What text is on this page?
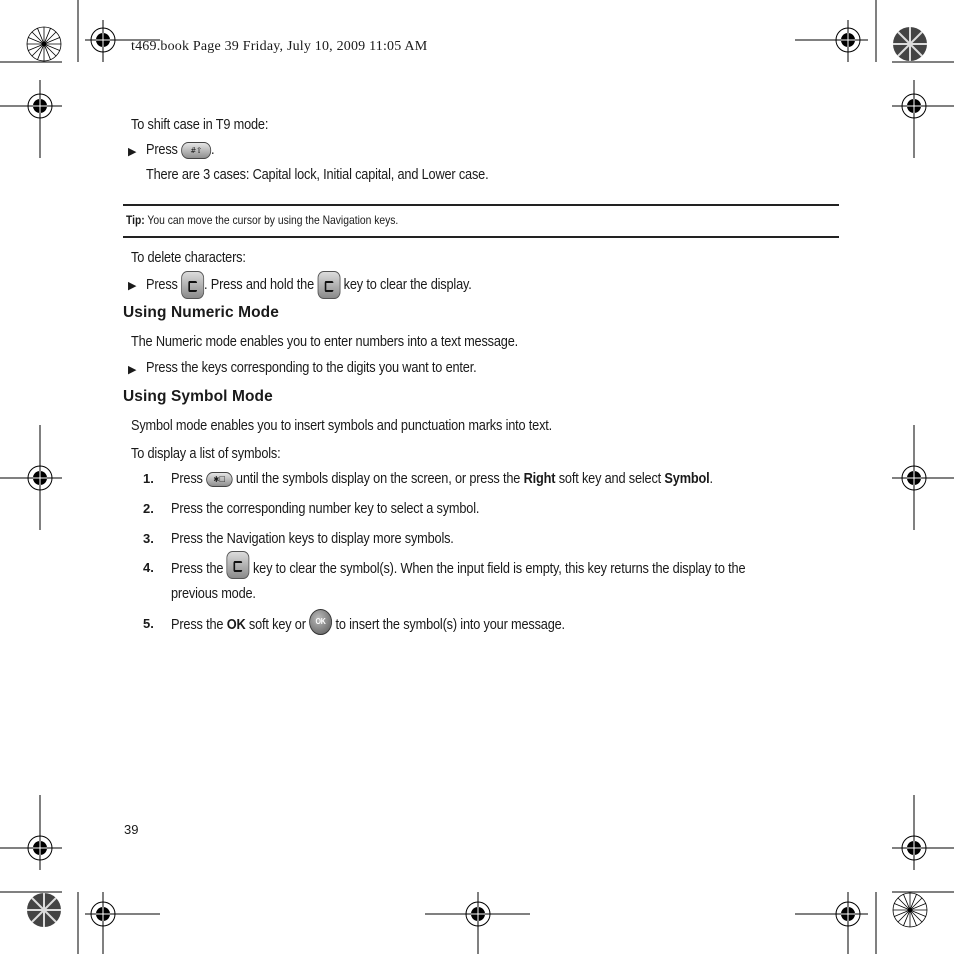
t469.book Page 39 Friday, July 10, 2009 11:05 AM
To shift case in T9 mode:
▶ Press #⇧ .
There are 3 cases: Capital lock, Initial capital, and Lower case.
Tip: You can move the cursor by using the Navigation keys.
To delete characters:
▶ Press . Press and hold the key to clear the display.
Using Numeric Mode
The Numeric mode enables you to enter numbers into a text message.
▶ Press the keys corresponding to the digits you want to enter.
Using Symbol Mode
Symbol mode enables you to insert symbols and punctuation marks into text.
To display a list of symbols:
1. Press ✱☐ until the symbols display on the screen, or press the Right soft key and select Symbol.
2. Press the corresponding number key to select a symbol.
3. Press the Navigation keys to display more symbols.
4. Press the key to clear the symbol(s). When the input field is empty, this key returns the display to the
previous mode.
5. Press the OK soft key or OK to insert the symbol(s) into your message.
39
